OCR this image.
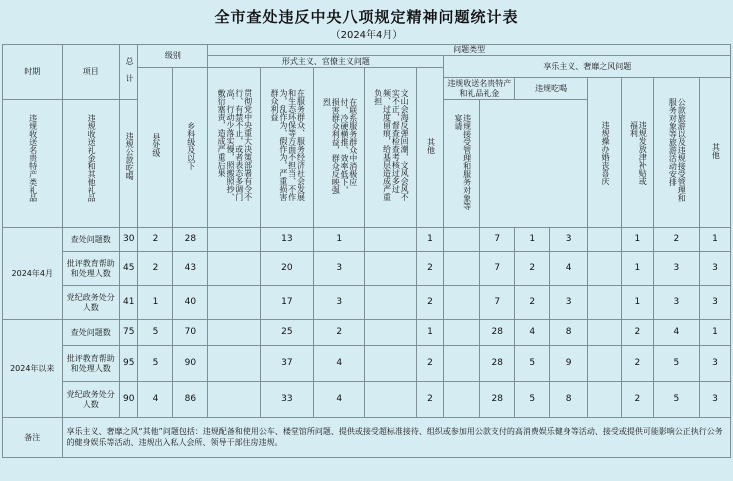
全市查处违反中央八项规定精神问题统计表
（2024年4月）
时期	项目	总 计	级别		问题类型												
					形式主义、官僚主义问题					享乐主义、奢靡之风问题							

			县处级	乡科级及以下	贯彻党中央重大决策部署有令不行、有禁不止，或者表态多调门高、行动少落实慢，照搬照抄、敷衍塞责，造成严重后果	在服务群众、服务经济社会发展和生态环保等方面不担当、不作为，乱作为、假作为，严重损害群众利益	在联系服务群众中消极应付、冷硬横推、效率低下，损害群众利益，群众反映强烈	文山会海反弹回潮，文风会风不实不正，督查检查考核过多过频、过度留痕，给基层造成严重负担	其他								

										违规收送名贵特产和礼品礼金		违规吃喝		违规操办婚丧喜庆	违规发放津补贴或福利	公款旅游以及违规接受管理和服务对象等旅游活动安排	其他

违规收送名贵特产类礼品	违规收送礼金和其他礼品	违规公款吃喝								违规接受管理和服务对象等宴请							

2024年4月	查处问题数	30	2	28		13	1		1		7	1	3		1	2	1
	批评教育帮助和处理人数	45	2	43		20	3		2		7	2	4		1	3	3
	党纪政务处分人数	41	1	40		17	3		2		7	2	3		1	3	3
2024年以来	查处问题数	75	5	70		25	2		1		28	4	8		2	4	1
	批评教育帮助和处理人数	95	5	90		37	4		2		28	5	9		2	5	3
	党纪政务处分人数	90	4	86		33	4		2		28	5	8		2	5	3
备注	享乐主义、奢靡之风“其他”问题包括：违规配备和使用公车、楼堂馆所问题、提供或接受超标准接待、组织或参加用公款支付的高消费娱乐健身等活动、接受或提供可能影响公正执行公务的健身娱乐等活动、违规出入私人会所、领导干部住房违规。																
